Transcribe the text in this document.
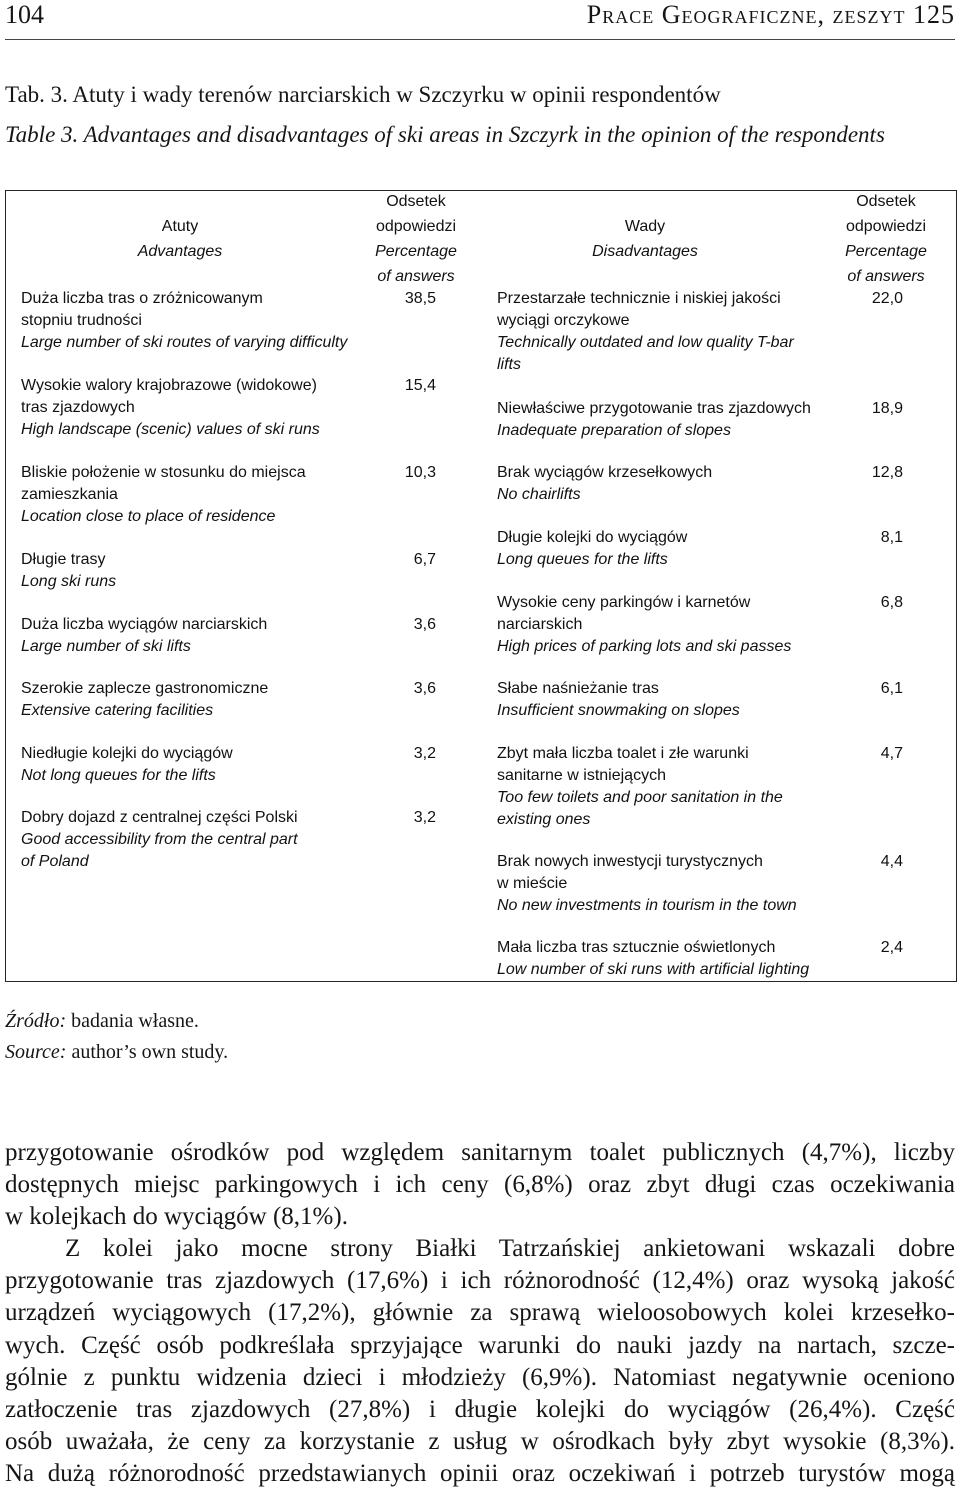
104	Prace Geograficzne, zeszyt 125
Tab. 3. Atuty i wady terenów narciarskich w Szczyrku w opinii respondentów
Table 3. Advantages and disadvantages of ski areas in Szczyrk in the opinion of the respondents
Atuty
Advantages
Odsetek
odpowiedzi
Percentage
of answers
Wady
Disadvantages
Odsetek
odpowiedzi
Percentage
of answers
Duża liczba tras o zróżnicowanym
stopniu trudności
Large number of ski routes of varying difficulty
38,5
Wysokie walory krajobrazowe (widokowe)
tras zjazdowych
High landscape (scenic) values of ski runs
15,4
Bliskie położenie w stosunku do miejsca
zamieszkania
Location close to place of residence
10,3
Długie trasy
Long ski runs
6,7
Duża liczba wyciągów narciarskich
Large number of ski lifts
3,6
Szerokie zaplecze gastronomiczne
Extensive catering facilities
3,6
Niedługie kolejki do wyciągów
Not long queues for the lifts
3,2
Dobry dojazd z centralnej części Polski
Good accessibility from the central part
of Poland
3,2
Przestarzałe technicznie i niskiej jakości
wyciągi orczykowe
Technically outdated and low quality T-bar
lifts
22,0
Niewłaściwe przygotowanie tras zjazdowych
Inadequate preparation of slopes
18,9
Brak wyciągów krzesełkowych
No chairlifts
12,8
Długie kolejki do wyciągów
Long queues for the lifts
8,1
Wysokie ceny parkingów i karnetów
narciarskich
High prices of parking lots and ski passes
6,8
Słabe naśnieżanie tras
Insufficient snowmaking on slopes
6,1
Zbyt mała liczba toalet i złe warunki
sanitarne w istniejących
Too few toilets and poor sanitation in the
existing ones
4,7
Brak nowych inwestycji turystycznych
w mieście
No new investments in tourism in the town
4,4
Mała liczba tras sztucznie oświetlonych
Low number of ski runs with artificial lighting
2,4
Źródło: badania własne.
Source: author’s own study.
przygotowanie ośrodków pod względem sanitarnym toalet publicznych (4,7%), liczby
dostępnych miejsc parkingowych i ich ceny (6,8%) oraz zbyt długi czas oczekiwania
w kolejkach do wyciągów (8,1%).
Z kolei jako mocne strony Białki Tatrzańskiej ankietowani wskazali dobre
przygotowanie tras zjazdowych (17,6%) i ich różnorodność (12,4%) oraz wysoką jakość
urządzeń wyciągowych (17,2%), głównie za sprawą wieloosobowych kolei krzesełko-
wych. Część osób podkreślała sprzyjające warunki do nauki jazdy na nartach, szcze-
gólnie z punktu widzenia dzieci i młodzieży (6,9%). Natomiast negatywnie oceniono
zatłoczenie tras zjazdowych (27,8%) i długie kolejki do wyciągów (26,4%). Część
osób uważała, że ceny za korzystanie z usług w ośrodkach były zbyt wysokie (8,3%).
Na dużą różnorodność przedstawianych opinii oraz oczekiwań i potrzeb turystów mogą
